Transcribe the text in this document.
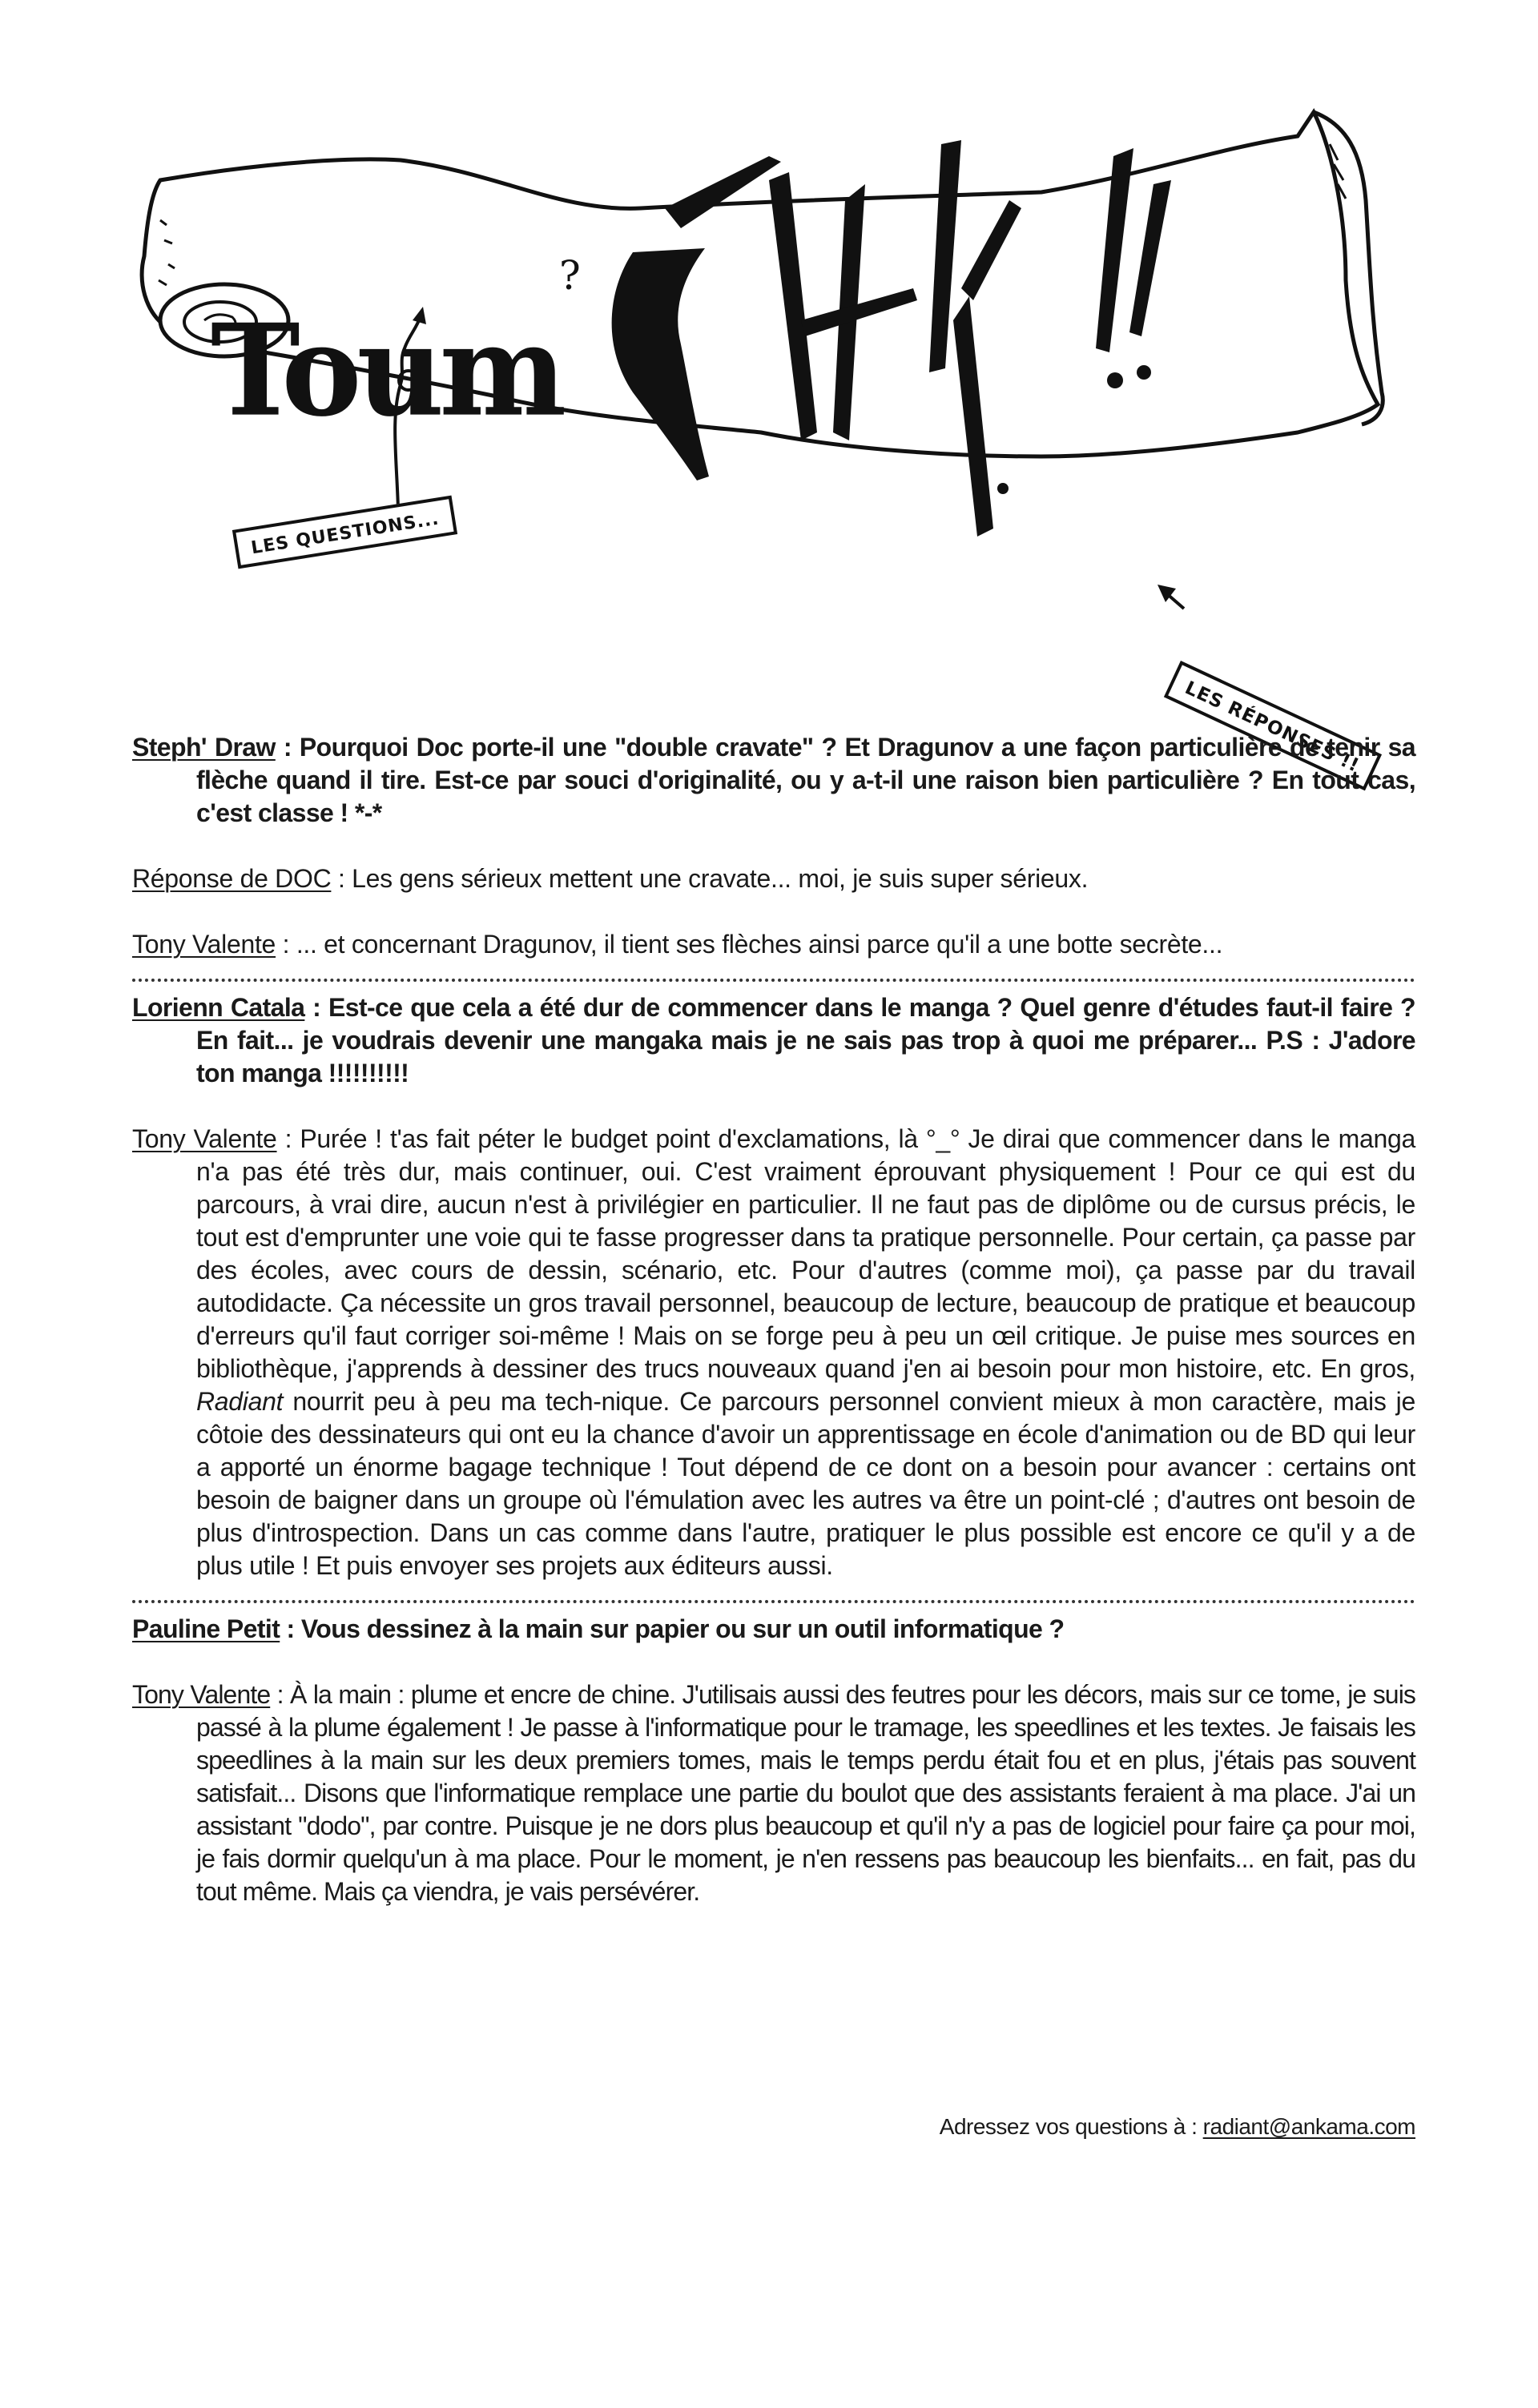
Toum
?
LES QUESTIONS...
LES RÉPONSES !!

Steph' Draw : Pourquoi Doc porte-il une "double cravate" ? Et Dragunov a une façon particulière de tenir sa flèche quand il tire. Est-ce par souci d'originalité, ou y a-t-il une raison bien particulière ? En tout cas, c'est classe ! *-*

Réponse de DOC : Les gens sérieux mettent une cravate... moi, je suis super sérieux.

Tony Valente : ... et concernant Dragunov, il tient ses flèches ainsi parce qu'il a une botte secrète...

Lorienn Catala : Est-ce que cela a été dur de commencer dans le manga ? Quel genre d'études faut-il faire ? En fait... je voudrais devenir une mangaka mais je ne sais pas trop à quoi me préparer... P.S : J'adore ton manga !!!!!!!!!!

Tony Valente : Purée ! t'as fait péter le budget point d'exclamations, là °_° Je dirai que commencer dans le manga n'a pas été très dur, mais continuer, oui. C'est vraiment éprouvant physiquement ! Pour ce qui est du parcours, à vrai dire, aucun n'est à privilégier en particulier. Il ne faut pas de diplôme ou de cursus précis, le tout est d'emprunter une voie qui te fasse progresser dans ta pratique personnelle. Pour certain, ça passe par des écoles, avec cours de dessin, scénario, etc. Pour d'autres (comme moi), ça passe par du travail autodidacte. Ça nécessite un gros travail personnel, beaucoup de lecture, beaucoup de pratique et beaucoup d'erreurs qu'il faut corriger soi-même ! Mais on se forge peu à peu un œil critique. Je puise mes sources en bibliothèque, j'apprends à dessiner des trucs nouveaux quand j'en ai besoin pour mon histoire, etc. En gros, Radiant nourrit peu à peu ma tech-nique. Ce parcours personnel convient mieux à mon caractère, mais je côtoie des dessinateurs qui ont eu la chance d'avoir un apprentissage en école d'animation ou de BD qui leur a apporté un énorme bagage technique ! Tout dépend de ce dont on a besoin pour avancer : certains ont besoin de baigner dans un groupe où l'émulation avec les autres va être un point-clé ; d'autres ont besoin de plus d'introspection. Dans un cas comme dans l'autre, pratiquer le plus possible est encore ce qu'il y a de plus utile ! Et puis envoyer ses projets aux éditeurs aussi.

Pauline Petit : Vous dessinez à la main sur papier ou sur un outil informatique ?

Tony Valente : À la main : plume et encre de chine. J'utilisais aussi des feutres pour les décors, mais sur ce tome, je suis passé à la plume également ! Je passe à l'informatique pour le tramage, les speedlines et les textes. Je faisais les speedlines à la main sur les deux premiers tomes, mais le temps perdu était fou et en plus, j'étais pas souvent satisfait... Disons que l'informatique remplace une partie du boulot que des assistants feraient à ma place. J'ai un assistant "dodo", par contre. Puisque je ne dors plus beaucoup et qu'il n'y a pas de logiciel pour faire ça pour moi, je fais dormir quelqu'un à ma place. Pour le moment, je n'en ressens pas beaucoup les bienfaits... en fait, pas du tout même. Mais ça viendra, je vais persévérer.

Adressez vos questions à : radiant@ankama.com
